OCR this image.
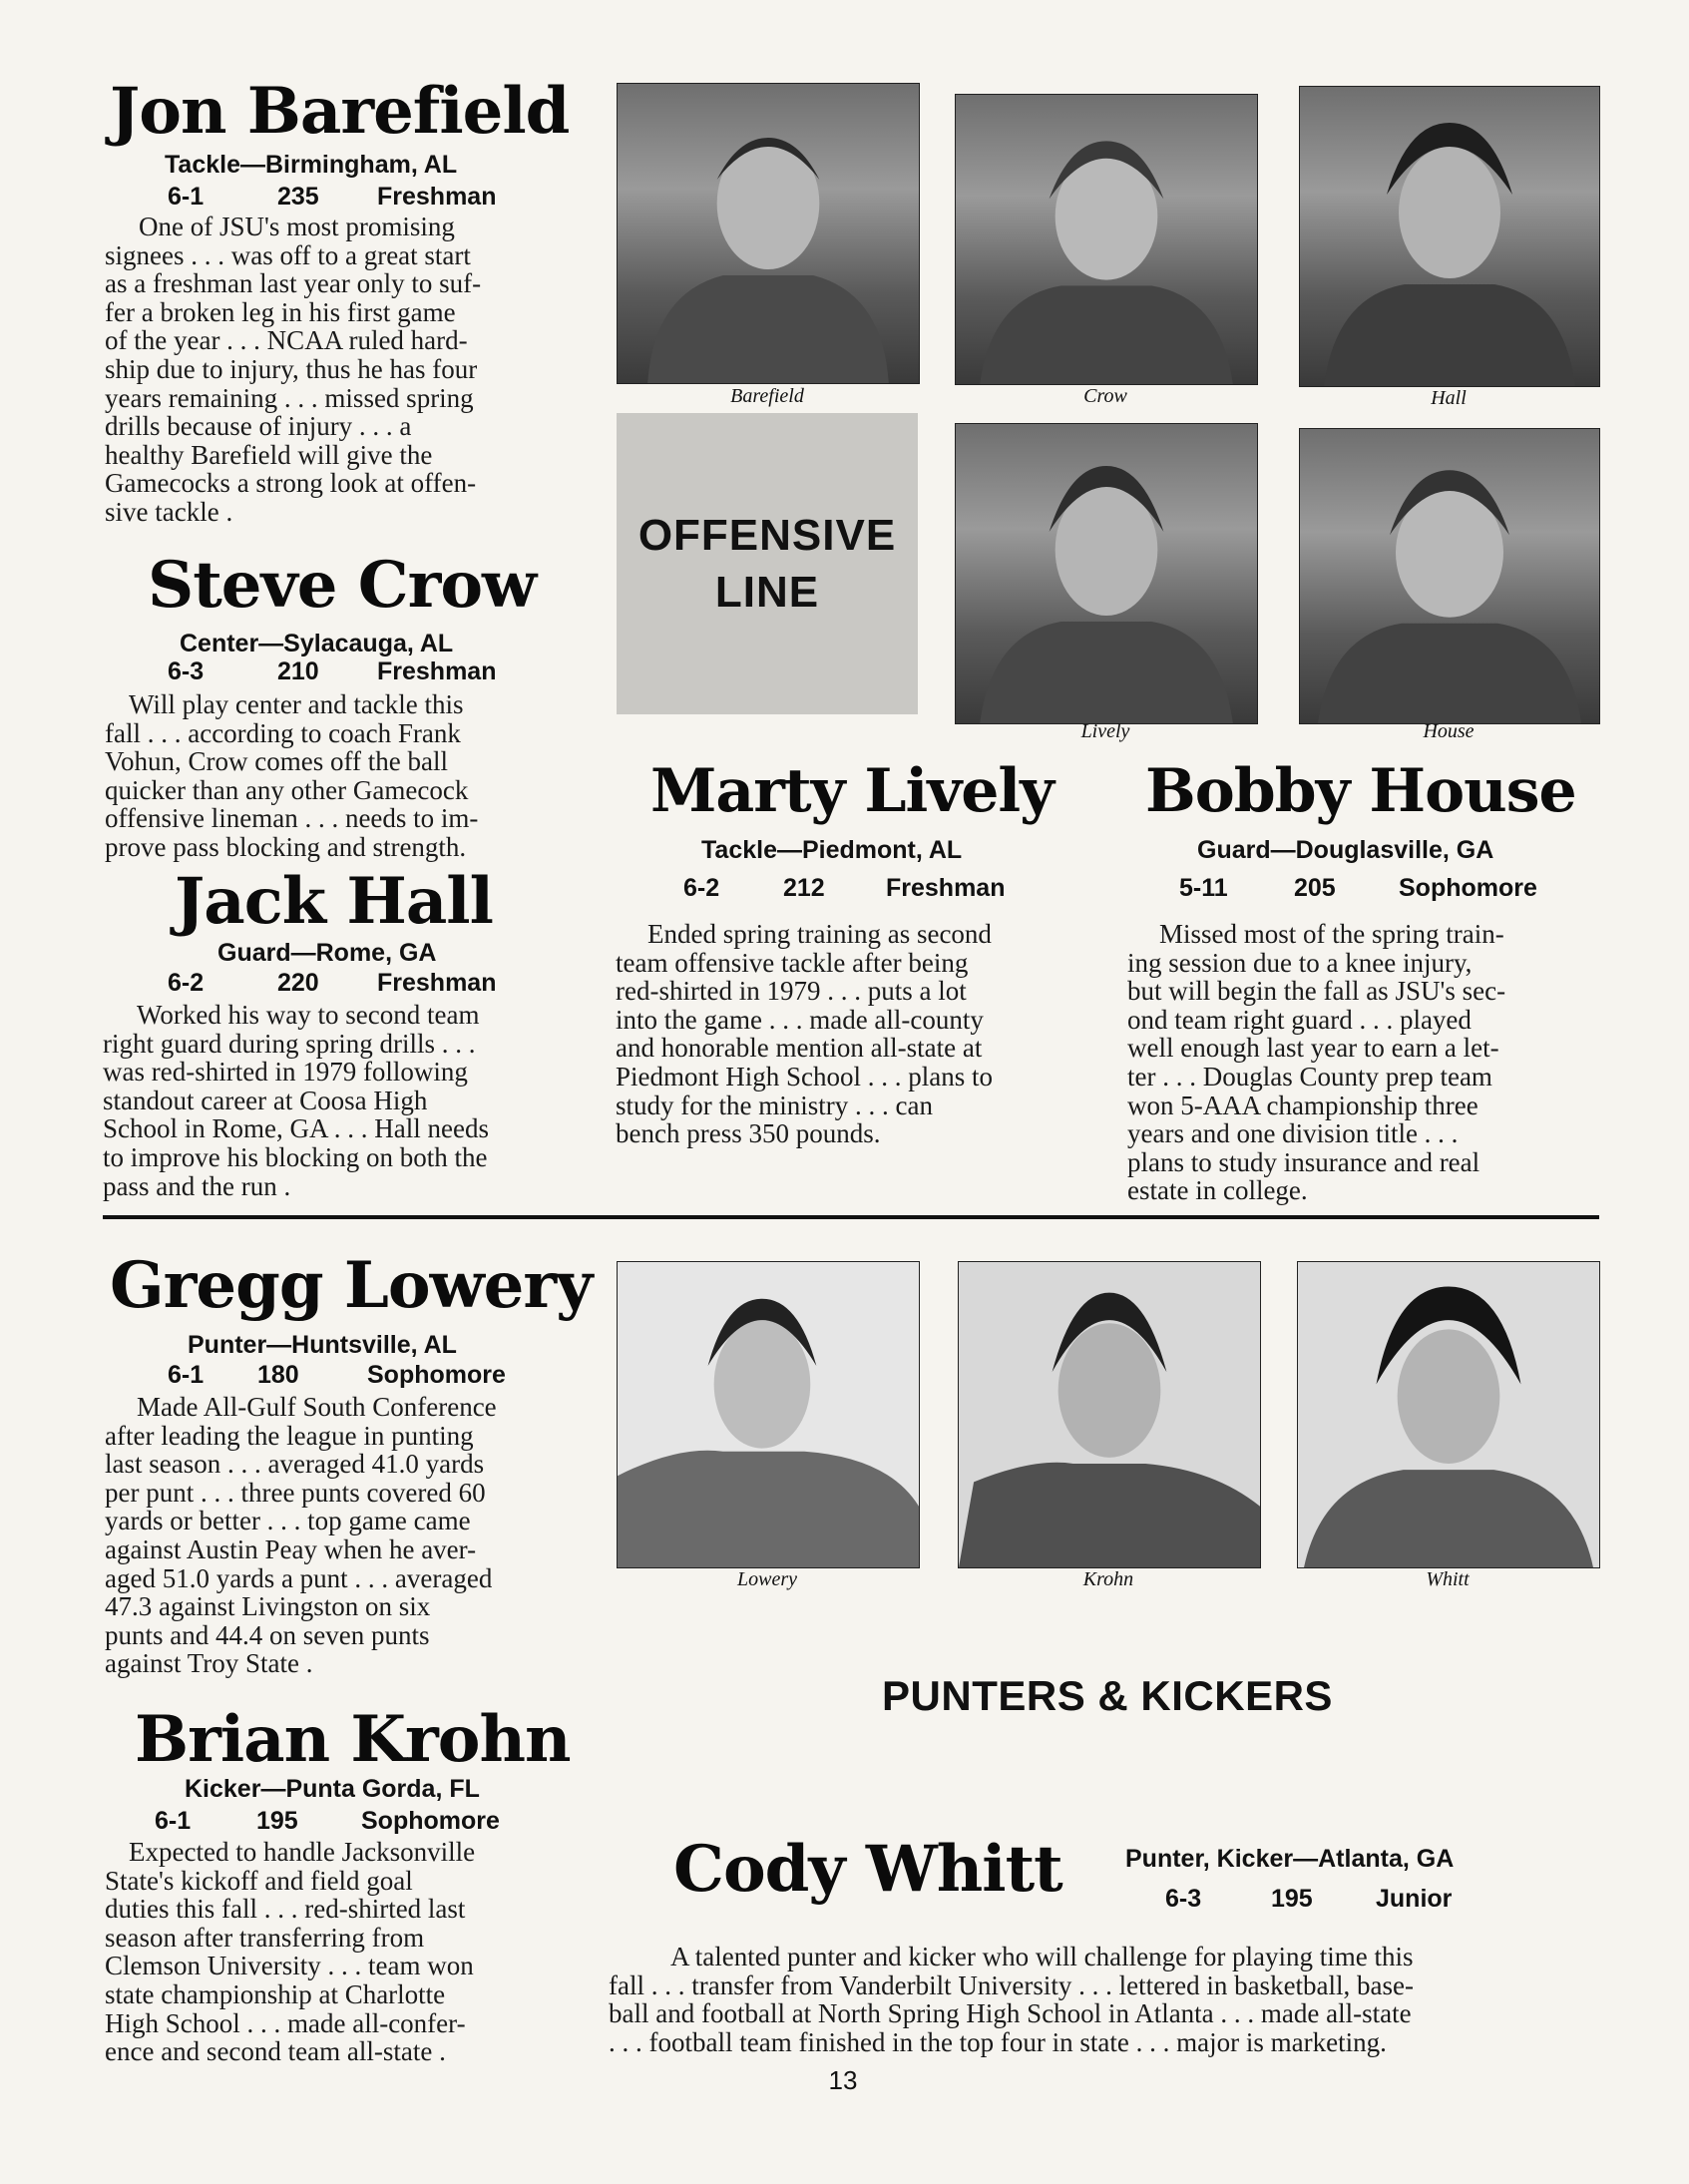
Jon Barefield
Tackle—Birmingham, AL
6-1	235 Freshman
One of JSU's most promising
signees . . . was off to a great start
as a freshman last year only to suf-
fer a broken leg in his first game
of the year . . . NCAA ruled hard-
ship due to injury, thus he has four
years remaining . . . missed spring
drills because of injury . . . a
healthy Barefield will give the
Gamecocks a strong look at offen-
sive tackle .
Steve Crow
Center—Sylacauga, AL
6-3	210 Freshman
Will play center and tackle this
fall . . . according to coach Frank
Vohun, Crow comes off the ball
quicker than any other Gamecock
offensive lineman . . . needs to im-
prove pass blocking and strength.
Jack Hall
Guard—Rome, GA
6-2	220 Freshman
Worked his way to second team
right guard during spring drills . . .
was red-shirted in 1979 following
standout career at Coosa High
School in Rome, GA . . . Hall needs
to improve his blocking on both the
pass and the run .
Barefield	Crow	Hall
OFFENSIVE
LINE
Lively	House
Marty Lively
Tackle—Piedmont, AL
6-2	212 Freshman
Ended spring training as second
team offensive tackle after being
red-shirted in 1979 . . . puts a lot
into the game . . . made all-county
and honorable mention all-state at
Piedmont High School . . . plans to
study for the ministry . . . can
bench press 350 pounds.
Bobby House
Guard—Douglasville, GA
5-11	205	Sophomore
Missed most of the spring train-
ing session due to a knee injury,
but will begin the fall as JSU's sec-
ond team right guard . . . played
well enough last year to earn a let-
ter . . . Douglas County prep team
won 5-AAA championship three
years and one division title . . .
plans to study insurance and real
estate in college.
Gregg Lowery
Punter—Huntsville, AL
6-1 180	Sophomore
Made All-Gulf South Conference
after leading the league in punting
last season . . . averaged 41.0 yards
per punt . . . three punts covered 60
yards or better . . . top game came
against Austin Peay when he aver-
aged 51.0 yards a punt . . . averaged
47.3 against Livingston on six
punts and 44.4 on seven punts
against Troy State .
Brian Krohn
Kicker—Punta Gorda, FL
6-1	195	Sophomore
Expected to handle Jacksonville
State's kickoff and field goal
duties this fall . . . red-shirted last
season after transferring from
Clemson University . . . team won
state championship at Charlotte
High School . . . made all-confer-
ence and second team all-state .
Lowery	Krohn	Whitt
PUNTERS & KICKERS
Cody Whitt	Punter, Kicker—Atlanta, GA
6-3	195	Junior
A talented punter and kicker who will challenge for playing time this
fall . . . transfer from Vanderbilt University . . . lettered in basketball, base-
ball and football at North Spring High School in Atlanta . . . made all-state
. . . football team finished in the top four in state . . . major is marketing.
13
